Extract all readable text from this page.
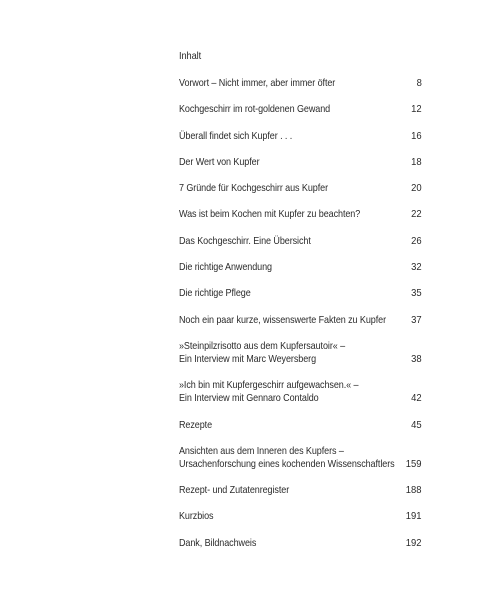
Inhalt
Vorwort – Nicht immer, aber immer öfter	8
Kochgeschirr im rot-goldenen Gewand	12
Überall findet sich Kupfer . . .	16
Der Wert von Kupfer	18
7 Gründe für Kochgeschirr aus Kupfer	20
Was ist beim Kochen mit Kupfer zu beachten?	22
Das Kochgeschirr. Eine Übersicht	26
Die richtige Anwendung	32
Die richtige Pflege	35
Noch ein paar kurze, wissenswerte Fakten zu Kupfer 37
»Steinpilzrisotto aus dem Kupfersautoir« –
Ein Interview mit Marc Weyersberg	38
»Ich bin mit Kupfergeschirr aufgewachsen.« –
Ein Interview mit Gennaro Contaldo	42
Rezepte	45
Ansichten aus dem Inneren des Kupfers –
Ursachenforschung eines kochenden Wissenschaftlers 159
Rezept- und Zutatenregister	188
Kurzbios	191
Dank, Bildnachweis	192
